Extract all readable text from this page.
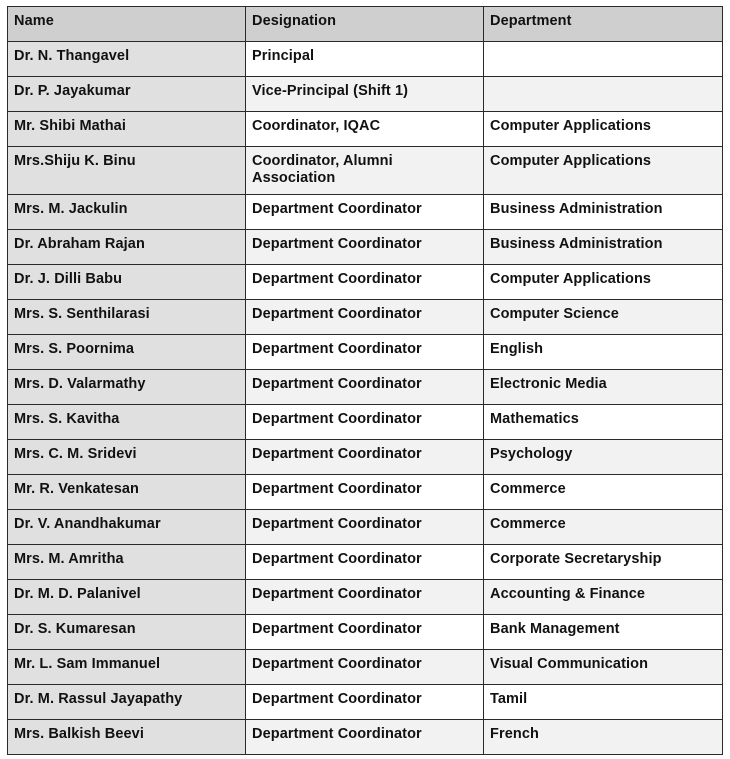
Name	Designation	Department
Dr. N. Thangavel	Principal	
Dr. P. Jayakumar	Vice-Principal (Shift 1)	
Mr. Shibi Mathai	Coordinator, IQAC	Computer Applications
Mrs.Shiju K. Binu	Coordinator, Alumni Association	Computer Applications
Mrs. M. Jackulin	Department Coordinator	Business Administration
Dr. Abraham Rajan	Department Coordinator	Business Administration
Dr. J. Dilli Babu	Department Coordinator	Computer Applications
Mrs. S. Senthilarasi	Department Coordinator	Computer Science
Mrs. S. Poornima	Department Coordinator	English
Mrs. D. Valarmathy	Department Coordinator	Electronic Media
Mrs. S. Kavitha	Department Coordinator	Mathematics
Mrs. C. M. Sridevi	Department Coordinator	Psychology
Mr. R. Venkatesan	Department Coordinator	Commerce
Dr. V. Anandhakumar	Department Coordinator	Commerce
Mrs. M. Amritha	Department Coordinator	Corporate Secretaryship
Dr. M. D. Palanivel	Department Coordinator	Accounting & Finance
Dr. S. Kumaresan	Department Coordinator	Bank Management
Mr. L. Sam Immanuel	Department Coordinator	Visual Communication
Dr. M. Rassul Jayapathy	Department Coordinator	Tamil
Mrs. Balkish Beevi	Department Coordinator	French
